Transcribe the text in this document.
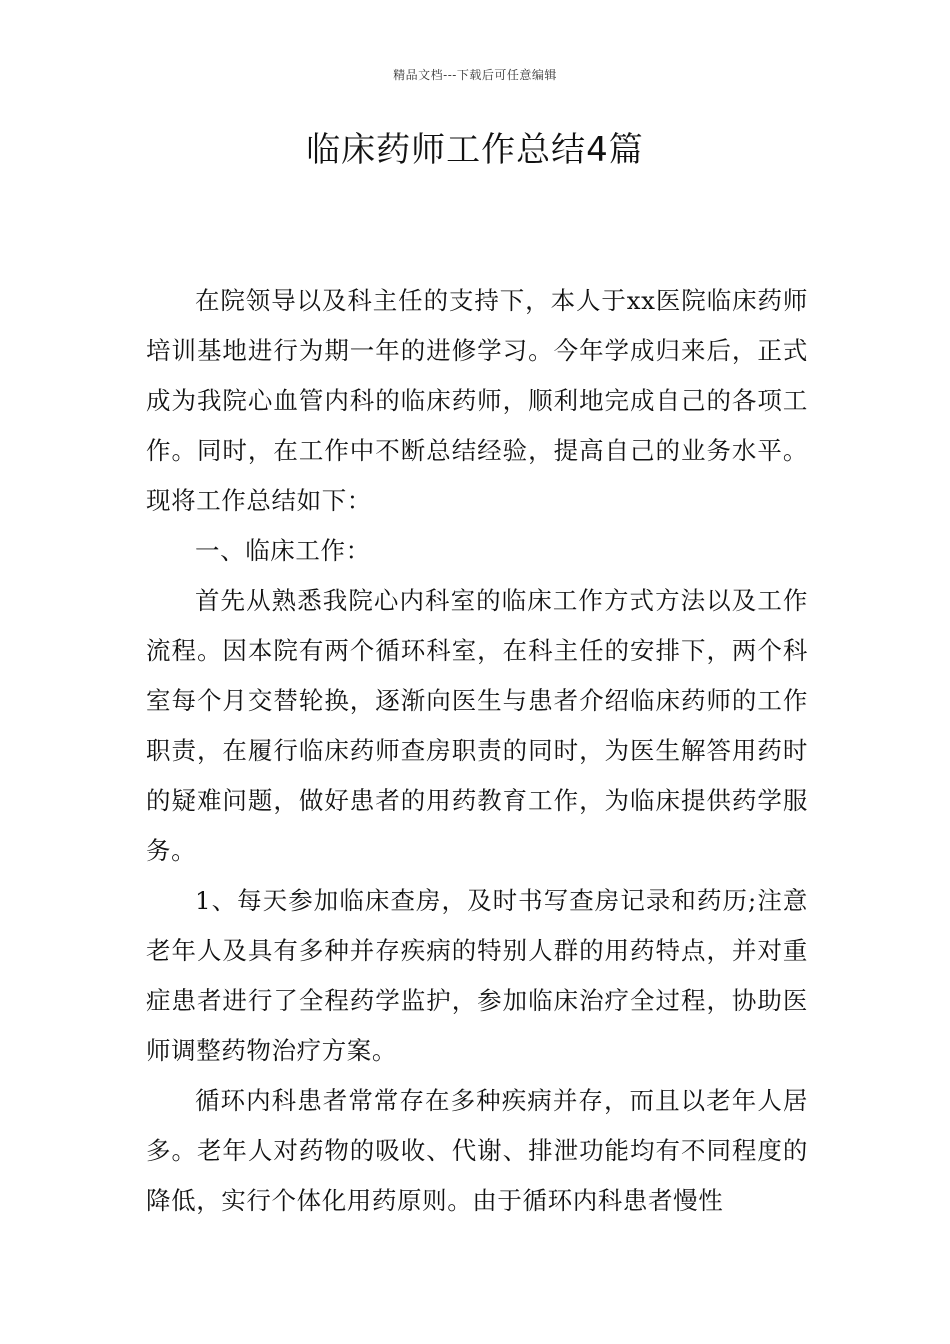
精品文档---下载后可任意编辑
临床药师工作总结4篇

在院领导以及科主任的支持下，本人于xx医院临床药师培训基地进行为期一年的进修学习。今年学成归来后，正式成为我院心血管内科的临床药师，顺利地完成自己的各项工作。同时，在工作中不断总结经验，提高自己的业务水平。现将工作总结如下：

一、临床工作：

首先从熟悉我院心内科室的临床工作方式方法以及工作流程。因本院有两个循环科室，在科主任的安排下，两个科室每个月交替轮换，逐渐向医生与患者介绍临床药师的工作职责，在履行临床药师查房职责的同时，为医生解答用药时的疑难问题，做好患者的用药教育工作，为临床提供药学服务。

1、每天参加临床查房，及时书写查房记录和药历;注意老年人及具有多种并存疾病的特别人群的用药特点，并对重症患者进行了全程药学监护，参加临床治疗全过程，协助医师调整药物治疗方案。

循环内科患者常常存在多种疾病并存，而且以老年人居多。老年人对药物的吸收、代谢、排泄功能均有不同程度的降低，实行个体化用药原则。由于循环内科患者慢性
